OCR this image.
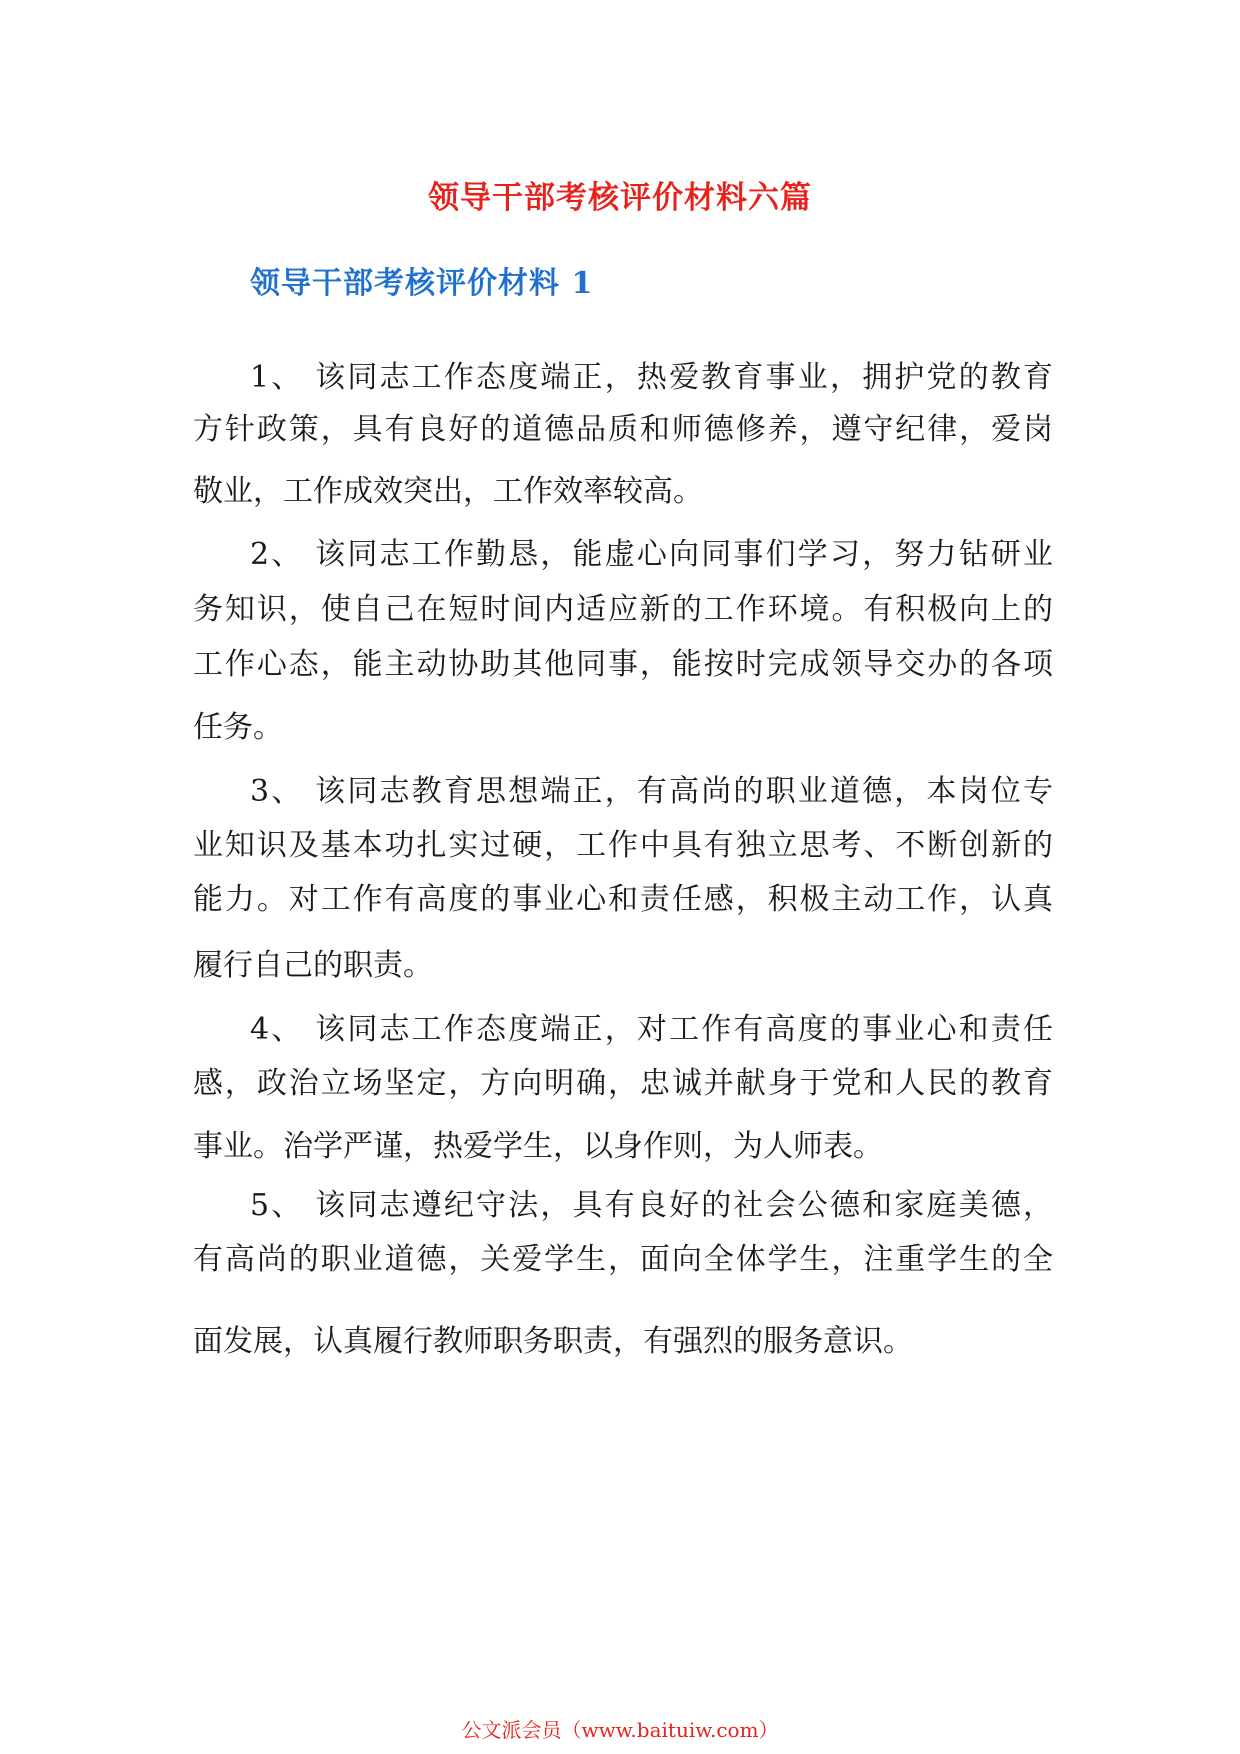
领导干部考核评价材料六篇
领导干部考核评价材料 1
1、 该同志工作态度端正，热爱教育事业，拥护党的教育
方针政策，具有良好的道德品质和师德修养，遵守纪律，爱岗
敬业，工作成效突出，工作效率较高。
2、 该同志工作勤恳，能虚心向同事们学习，努力钻研业
务知识，使自己在短时间内适应新的工作环境。有积极向上的
工作心态，能主动协助其他同事，能按时完成领导交办的各项
任务。
3、 该同志教育思想端正，有高尚的职业道德，本岗位专
业知识及基本功扎实过硬，工作中具有独立思考、不断创新的
能力。对工作有高度的事业心和责任感，积极主动工作，认真
履行自己的职责。
4、 该同志工作态度端正，对工作有高度的事业心和责任
感，政治立场坚定，方向明确，忠诚并献身于党和人民的教育
事业。治学严谨，热爱学生，以身作则，为人师表。
5、 该同志遵纪守法，具有良好的社会公德和家庭美德，
有高尚的职业道德，关爱学生，面向全体学生，注重学生的全
面发展，认真履行教师职务职责，有强烈的服务意识。
公文派会员（www.baituiw.com）
